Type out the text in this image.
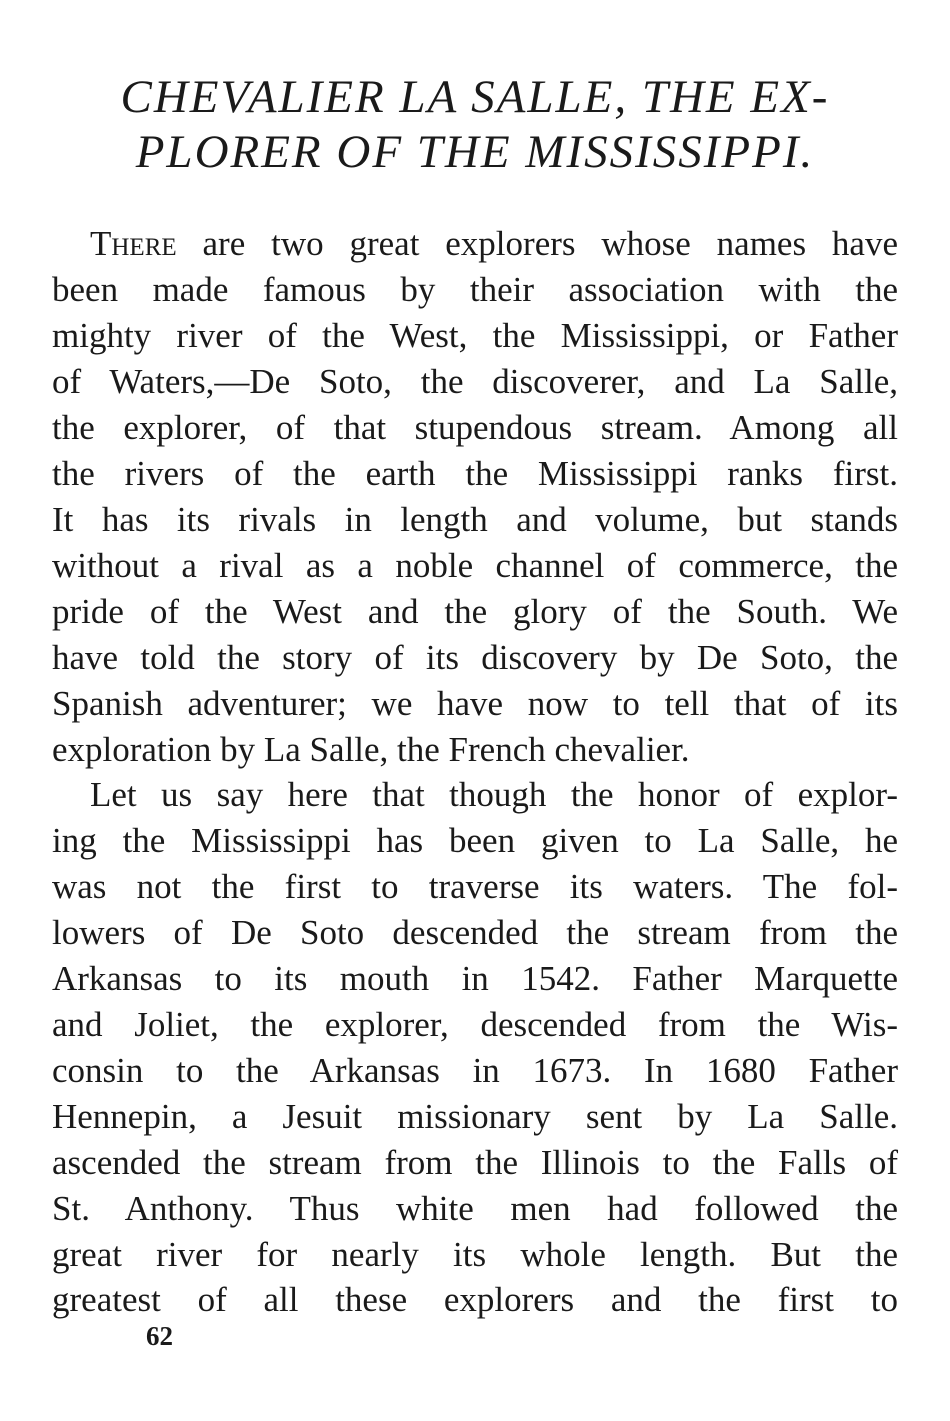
CHEVALIER LA SALLE, THE EX-
PLORER OF THE MISSISSIPPI.
There are two great explorers whose names have
been made famous by their association with the
mighty river of the West, the Mississippi, or Father
of Waters,—De Soto, the discoverer, and La Salle,
the explorer, of that stupendous stream. Among all
the rivers of the earth the Mississippi ranks first.
It has its rivals in length and volume, but stands
without a rival as a noble channel of commerce, the
pride of the West and the glory of the South. We
have told the story of its discovery by De Soto, the
Spanish adventurer; we have now to tell that of its
exploration by La Salle, the French chevalier.
Let us say here that though the honor of explor-
ing the Mississippi has been given to La Salle, he
was not the first to traverse its waters. The fol-
lowers of De Soto descended the stream from the
Arkansas to its mouth in 1542. Father Marquette
and Joliet, the explorer, descended from the Wis-
consin to the Arkansas in 1673. In 1680 Father
Hennepin, a Jesuit missionary sent by La Salle.
ascended the stream from the Illinois to the Falls of
St. Anthony. Thus white men had followed the
great river for nearly its whole length. But the
greatest of all these explorers and the first to
62
